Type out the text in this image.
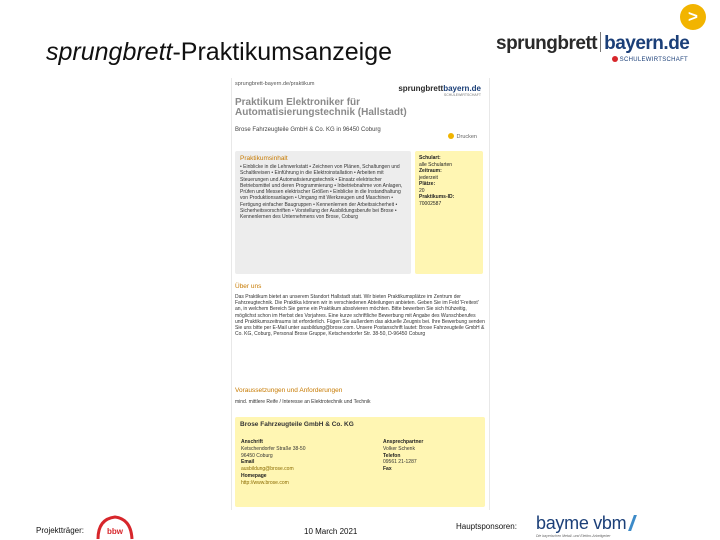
sprungbrett-Praktikumsanzeige
>
sprungbrett bayern.de
SCHULEWIRTSCHAFT
sprungbrett-bayern.de/praktikum	sprungbrettbayern.de
SCHULEWIRTSCHAFT
Praktikum Elektroniker für Automatisierungstechnik (Hallstadt)
Brose Fahrzeugteile GmbH & Co. KG in 96450 Coburg
Drucken
Praktikumsinhalt
• Einblicke in die Lehrwerkstatt • Zeichnen von Plänen, Schaltungen und Schaltkreisen • Einführung in die Elektroinstallation • Arbeiten mit Steuerungen und Automatisierungstechnik • Einsatz elektrischer Betriebsmittel und deren Programmierung • Inbetriebnahme von Anlagen, Prüfen und Messen elektrischer Größen • Einblicke in die Instandhaltung von Produktionsanlagen • Umgang mit Werkzeugen und Maschinen • Fertigung einfacher Baugruppen • Kennenlernen der Arbeitssicherheit • Sicherheitsvorschriften • Vorstellung der Ausbildungsberufe bei Brose • Kennenlernen des Unternehmens von Brose, Coburg
Schulart:
alle Schularten
Zeitraum:
jederzeit
Plätze:
20
Praktikums-ID:
70002587
Über uns
Das Praktikum bietet an unserem Standort Hallstadt statt. Wir bieten Praktikumsplätze im Zentrum der Fahrzeugtechnik. Die Praktika können wir in verschiedenen Abteilungen anbieten. Geben Sie im Feld 'Freitext' an, in welchem Bereich Sie gerne ein Praktikum absolvieren möchten. Bitte bewerben Sie sich frühzeitig, möglichst schon im Herbst des Vorjahres. Eine kurze schriftliche Bewerbung mit Angabe des Wunschberufes und Praktikumszeitraums ist erforderlich. Fügen Sie außerdem das aktuelle Zeugnis bei. Ihre Bewerbung senden Sie uns bitte per E-Mail unter ausbildung@brose.com. Unsere Postanschrift lautet: Brose Fahrzeugteile GmbH & Co. KG, Coburg, Personal Brose Gruppe, Ketschendorfer Str. 38-50, D-96450 Coburg
Voraussetzungen und Anforderungen
mind. mittlere Reife / Interesse an Elektrotechnik und Technik
Brose Fahrzeugteile GmbH & Co. KG
Anschrift
Ketschendorfer Straße 38-50
96450 Coburg
Email
ausbildung@brose.com
Homepage
http://www.brose.com
Ansprechpartner
Volker Schenk
Telefon
09561 21-1287
Fax
Projektträger:	bbw	10 March 2021
Hauptsponsoren: bayme vbm
Die bayerischen Metall- und Elektro-Arbeitgeber
